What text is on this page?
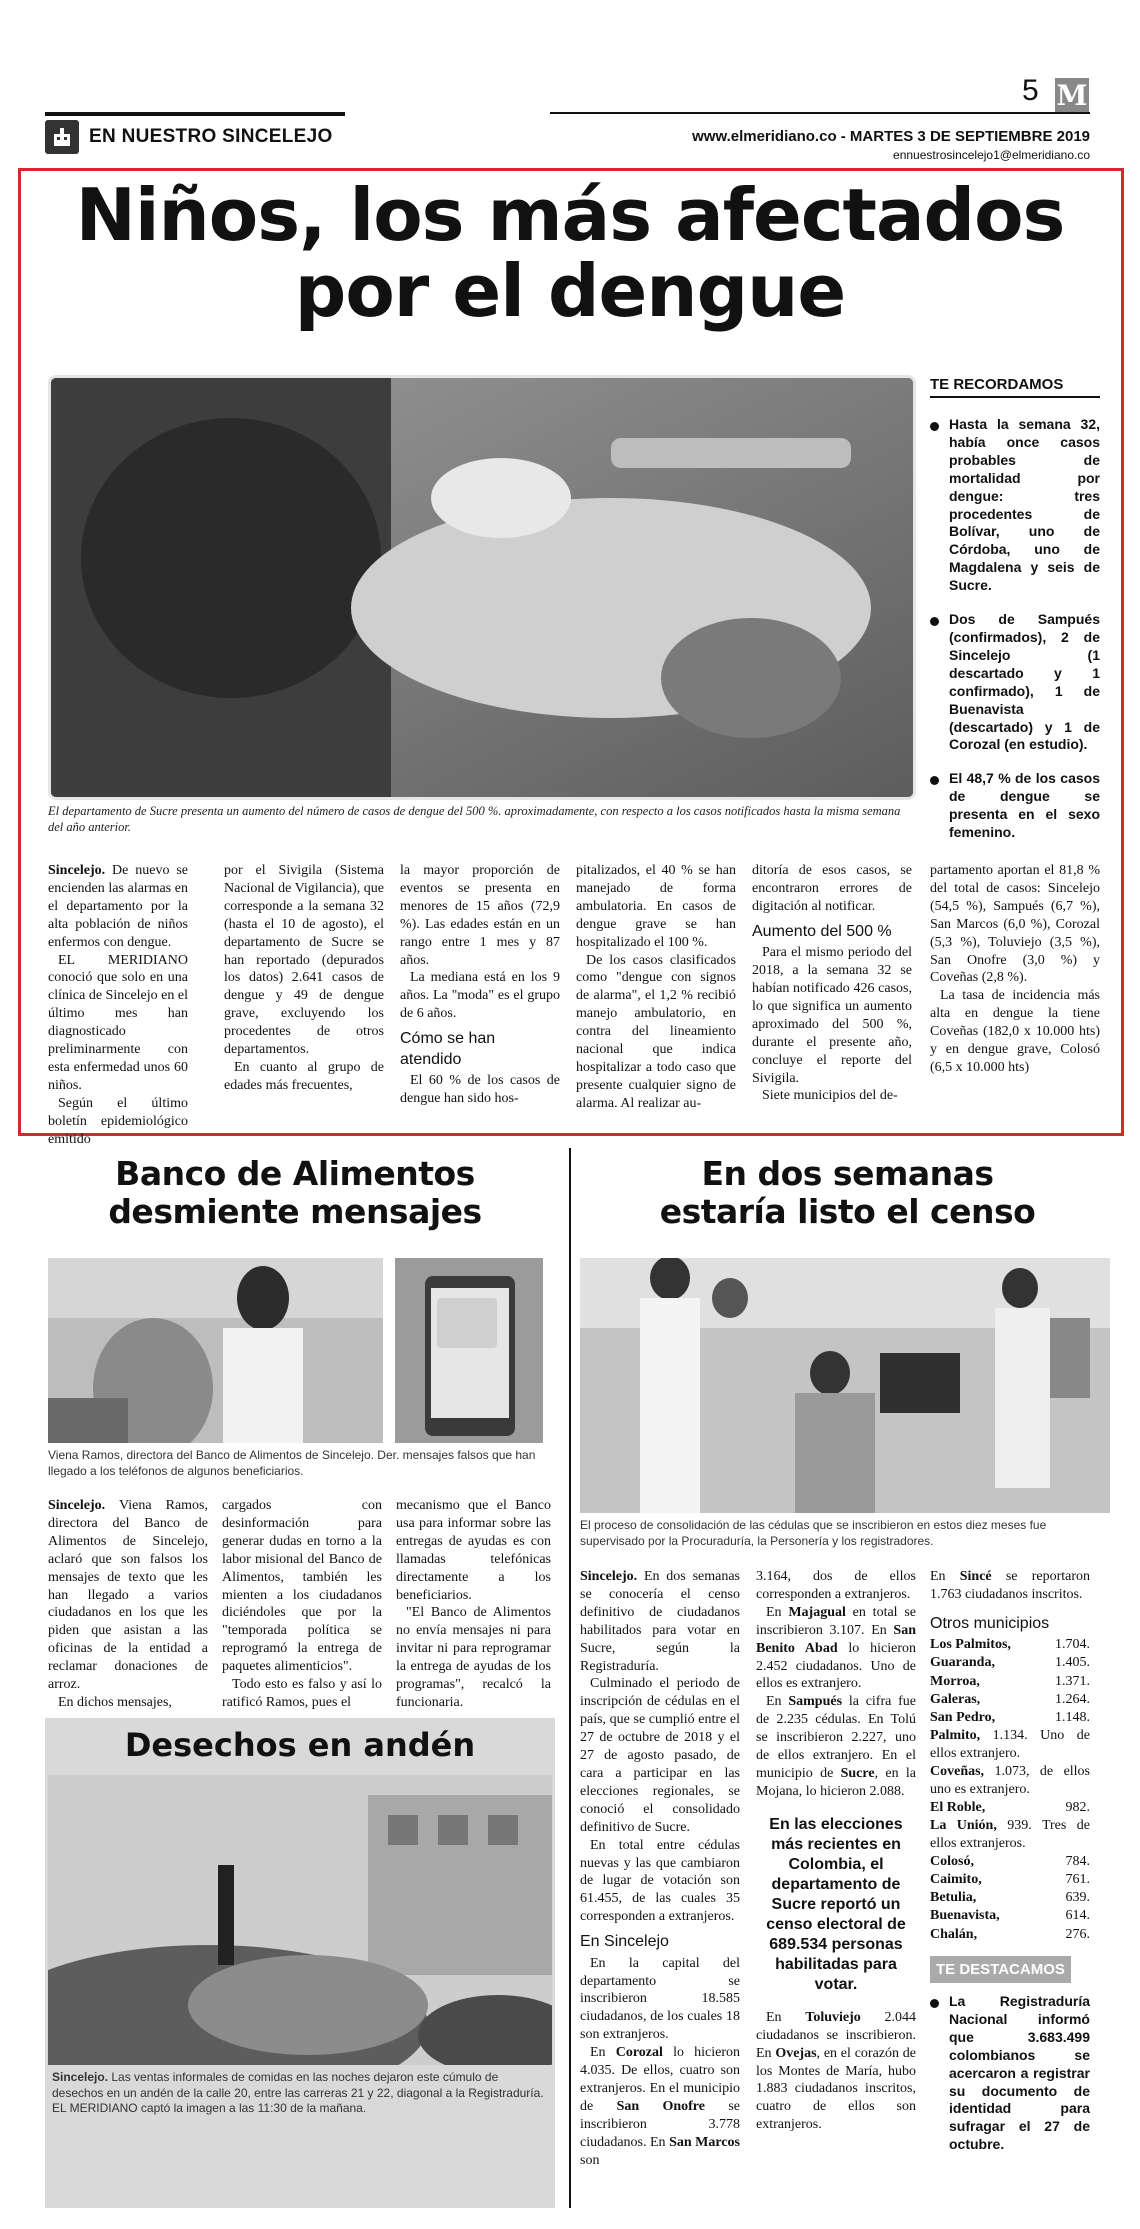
EN NUESTRO SINCELEJO
5 M
www.elmeridiano.co - MARTES 3 DE SEPTIEMBRE 2019
ennuestrosincelejo1@elmeridiano.co
Niños, los más afectados
por el dengue
El departamento de Sucre presenta un aumento del número de casos de dengue del 500 %. aproximadamente, con respecto a los casos notificados hasta la misma semana del año anterior.
TE RECORDAMOS
Hasta la semana 32, había once casos probables de mortalidad por dengue: tres procedentes de Bolívar, uno de Córdoba, uno de Magdalena y seis de Sucre.
Dos de Sampués (confirmados), 2 de Sincelejo (1 descartado y 1 confirmado), 1 de Buenavista (descartado) y 1 de Corozal (en estudio).
El 48,7 % de los casos de dengue se presenta en el sexo femenino.

Sincelejo. De nuevo se encienden las alarmas en el departamento por la alta población de niños enfermos con dengue.

EL MERIDIANO conoció que solo en una clínica de Sincelejo en el último mes han diagnosticado preliminarmente con esta enfermedad unos 60 niños.

Según el último boletín epidemiológico emitido

por el Sivigila (Sistema Nacional de Vigilancia), que corresponde a la semana 32 (hasta el 10 de agosto), el departamento de Sucre se han reportado (depurados los datos) 2.641 casos de dengue y 49 de dengue grave, excluyendo los procedentes de otros departamentos.

En cuanto al grupo de edades más frecuentes,

la mayor proporción de eventos se presenta en menores de 15 años (72,9 %). Las edades están en un rango entre 1 mes y 87 años.

La mediana está en los 9 años. La "moda" es el grupo de 6 años.

Cómo se han atendido

El 60 % de los casos de dengue han sido hos-

pitalizados, el 40 % se han manejado de forma ambulatoria. En casos de dengue grave se han hospitalizado el 100 %.

De los casos clasificados como "dengue con signos de alarma", el 1,2 % recibió manejo ambulatorio, en contra del lineamiento nacional que indica hospitalizar a todo caso que presente cualquier signo de alarma. Al realizar au-

ditoría de esos casos, se encontraron errores de digitación al notificar.

Aumento del 500 %

Para el mismo periodo del 2018, a la semana 32 se habían notificado 426 casos, lo que significa un aumento aproximado del 500 %, durante el presente año, concluye el reporte del Sivigila.

Siete municipios del de-

partamento aportan el 81,8 % del total de casos: Sincelejo (54,5 %), Sampués (6,7 %), San Marcos (6,0 %), Corozal (5,3 %), Toluviejo (3,5 %), San Onofre (3,0 %) y Coveñas (2,8 %).

La tasa de incidencia más alta en dengue la tiene Coveñas (182,0 x 10.000 hts) y en dengue grave, Colosó (6,5 x 10.000 hts)

Banco de Alimentos
desmiente mensajes
Viena Ramos, directora del Banco de Alimentos de Sincelejo. Der. mensajes falsos que han llegado a los teléfonos de algunos beneficiarios.

Sincelejo. Viena Ramos, directora del Banco de Alimentos de Sincelejo, aclaró que son falsos los mensajes de texto que les han llegado a varios ciudadanos en los que les piden que asistan a las oficinas de la entidad a reclamar donaciones de arroz.

En dichos mensajes,

cargados con desinformación para generar dudas en torno a la labor misional del Banco de Alimentos, también les mienten a los ciudadanos diciéndoles que por la "temporada política se reprogramó la entrega de paquetes alimenticios".

Todo esto es falso y así lo ratificó Ramos, pues el

mecanismo que el Banco usa para informar sobre las entregas de ayudas es con llamadas telefónicas directamente a los beneficiarios.

"El Banco de Alimentos no envía mensajes ni para invitar ni para reprogramar la entrega de ayudas de los programas", recalcó la funcionaria.

Desechos en andén
Sincelejo. Las ventas informales de comidas en las noches dejaron este cúmulo de desechos en un andén de la calle 20, entre las carreras 21 y 22, diagonal a la Registraduría. EL MERIDIANO captó la imagen a las 11:30 de la mañana.
En dos semanas
estaría listo el censo
El proceso de consolidación de las cédulas que se inscribieron en estos diez meses fue supervisado por la Procuraduría, la Personería y los registradores.

Sincelejo. En dos semanas se conocería el censo definitivo de ciudadanos habilitados para votar en Sucre, según la Registraduría.

Culminado el periodo de inscripción de cédulas en el país, que se cumplió entre el 27 de octubre de 2018 y el 27 de agosto pasado, de cara a participar en las elecciones regionales, se conoció el consolidado definitivo de Sucre.

En total entre cédulas nuevas y las que cambiaron de lugar de votación son 61.455, de las cuales 35 corresponden a extranjeros.

En Sincelejo

En la capital del departamento se inscribieron 18.585 ciudadanos, de los cuales 18 son extranjeros.

En Corozal lo hicieron 4.035. De ellos, cuatro son extranjeros. En el municipio de San Onofre se inscribieron 3.778 ciudadanos. En San Marcos son

3.164, dos de ellos corresponden a extranjeros.

En Majagual en total se inscribieron 3.107. En San Benito Abad lo hicieron 2.452 ciudadanos. Uno de ellos es extranjero.

En Sampués la cifra fue de 2.235 cédulas. En Tolú se inscribieron 2.227, uno de ellos extranjero. En el municipio de Sucre, en la Mojana, lo hicieron 2.088.

En las elecciones más recientes en Colombia, el departamento de Sucre reportó un censo electoral de 689.534 personas habilitadas para votar.

En Toluviejo 2.044 ciudadanos se inscribieron. En Ovejas, en el corazón de los Montes de María, hubo 1.883 ciudadanos inscritos, cuatro de ellos son extranjeros.

En Sincé se reportaron 1.763 ciudadanos inscritos.

Otros municipios
Los Palmitos,	1.704.
Guaranda,	1.405.
Morroa,	1.371.
Galeras,	1.264.
San Pedro,	1.148.

Palmito, 1.134. Uno de ellos extranjero.

Coveñas, 1.073, de ellos uno es extranjero.

El Roble,	982.

La Unión, 939. Tres de ellos extranjeros.

Colosó,	784.
Caimito,	761.
Betulia,	639.
Buenavista,	614.
Chalán,	276.
TE DESTACAMOS
La Registraduría Nacional informó que 3.683.499 colombianos se acercaron a registrar su documento de identidad para sufragar el 27 de octubre.
